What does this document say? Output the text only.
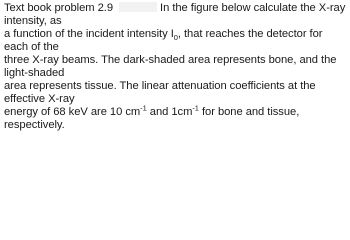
Text book problem 2.9	In the figure below calculate the X-ray intensity, as
a function of the incident intensity $I_0$, that reaches the detector for each of the
three X-ray beams. The dark-shaded area represents bone, and the light-shaded
area represents tissue. The linear attenuation coefficients at the effective X-ray
energy of 68 keV are 10 $cm^{-1}$ and $1cm^{-1}$ for bone and tissue, respectively.
